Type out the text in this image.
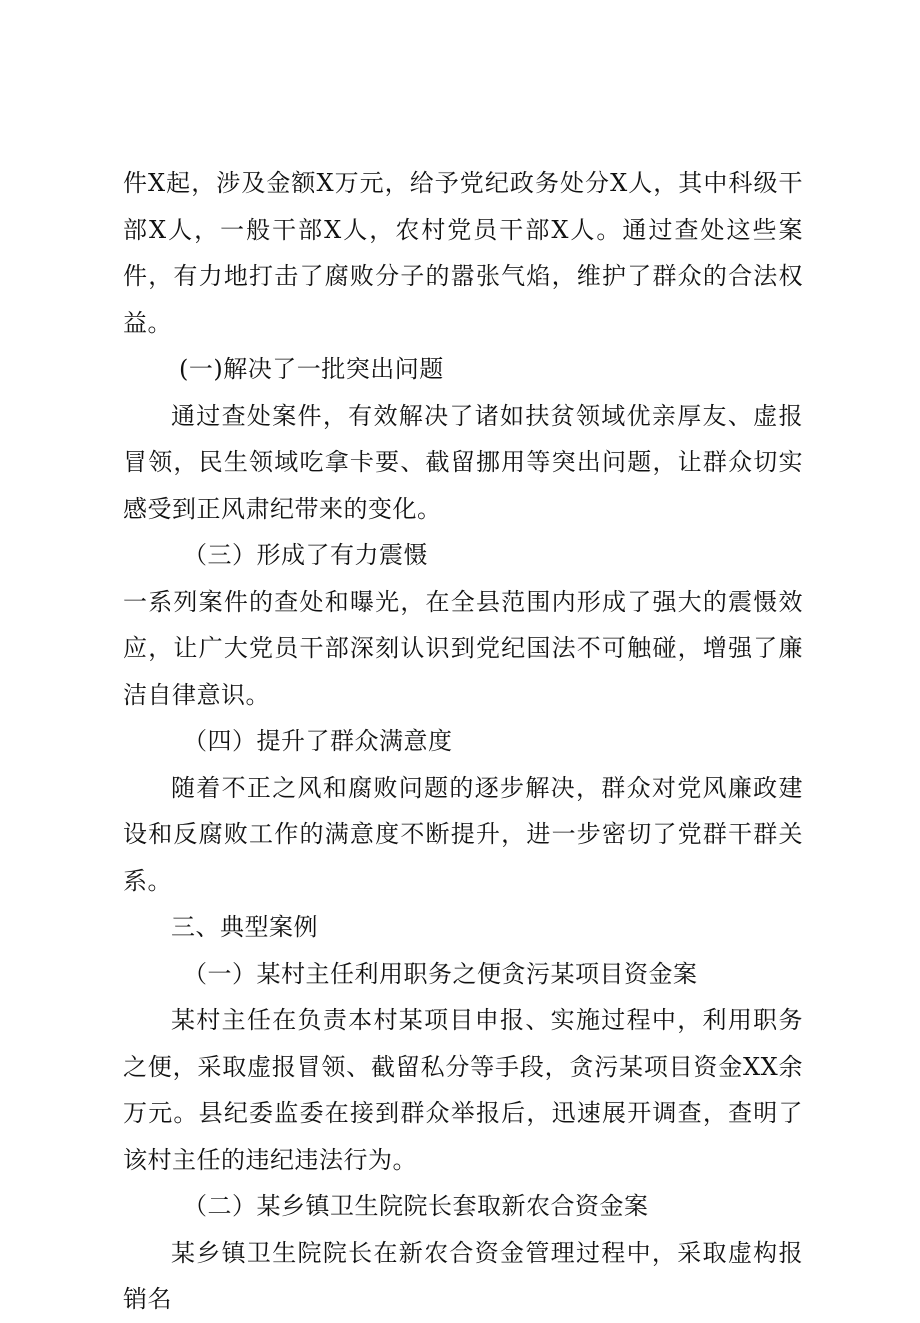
件X起，涉及金额X万元，给予党纪政务处分X人，其中科级干部X人，一般干部X人，农村党员干部X人。通过查处这些案件，有力地打击了腐败分子的嚣张气焰，维护了群众的合法权益。

(一)解决了一批突出问题

通过查处案件，有效解决了诸如扶贫领域优亲厚友、虚报冒领，民生领域吃拿卡要、截留挪用等突出问题，让群众切实感受到正风肃纪带来的变化。

（三）形成了有力震慑

一系列案件的查处和曝光，在全县范围内形成了强大的震慑效应，让广大党员干部深刻认识到党纪国法不可触碰，增强了廉洁自律意识。

（四）提升了群众满意度

随着不正之风和腐败问题的逐步解决，群众对党风廉政建设和反腐败工作的满意度不断提升，进一步密切了党群干群关系。

三、典型案例

（一）某村主任利用职务之便贪污某项目资金案

某村主任在负责本村某项目申报、实施过程中，利用职务之便，采取虚报冒领、截留私分等手段，贪污某项目资金XX余万元。县纪委监委在接到群众举报后，迅速展开调查，查明了该村主任的违纪违法行为。

（二）某乡镇卫生院院长套取新农合资金案

某乡镇卫生院院长在新农合资金管理过程中，采取虚构报销名
